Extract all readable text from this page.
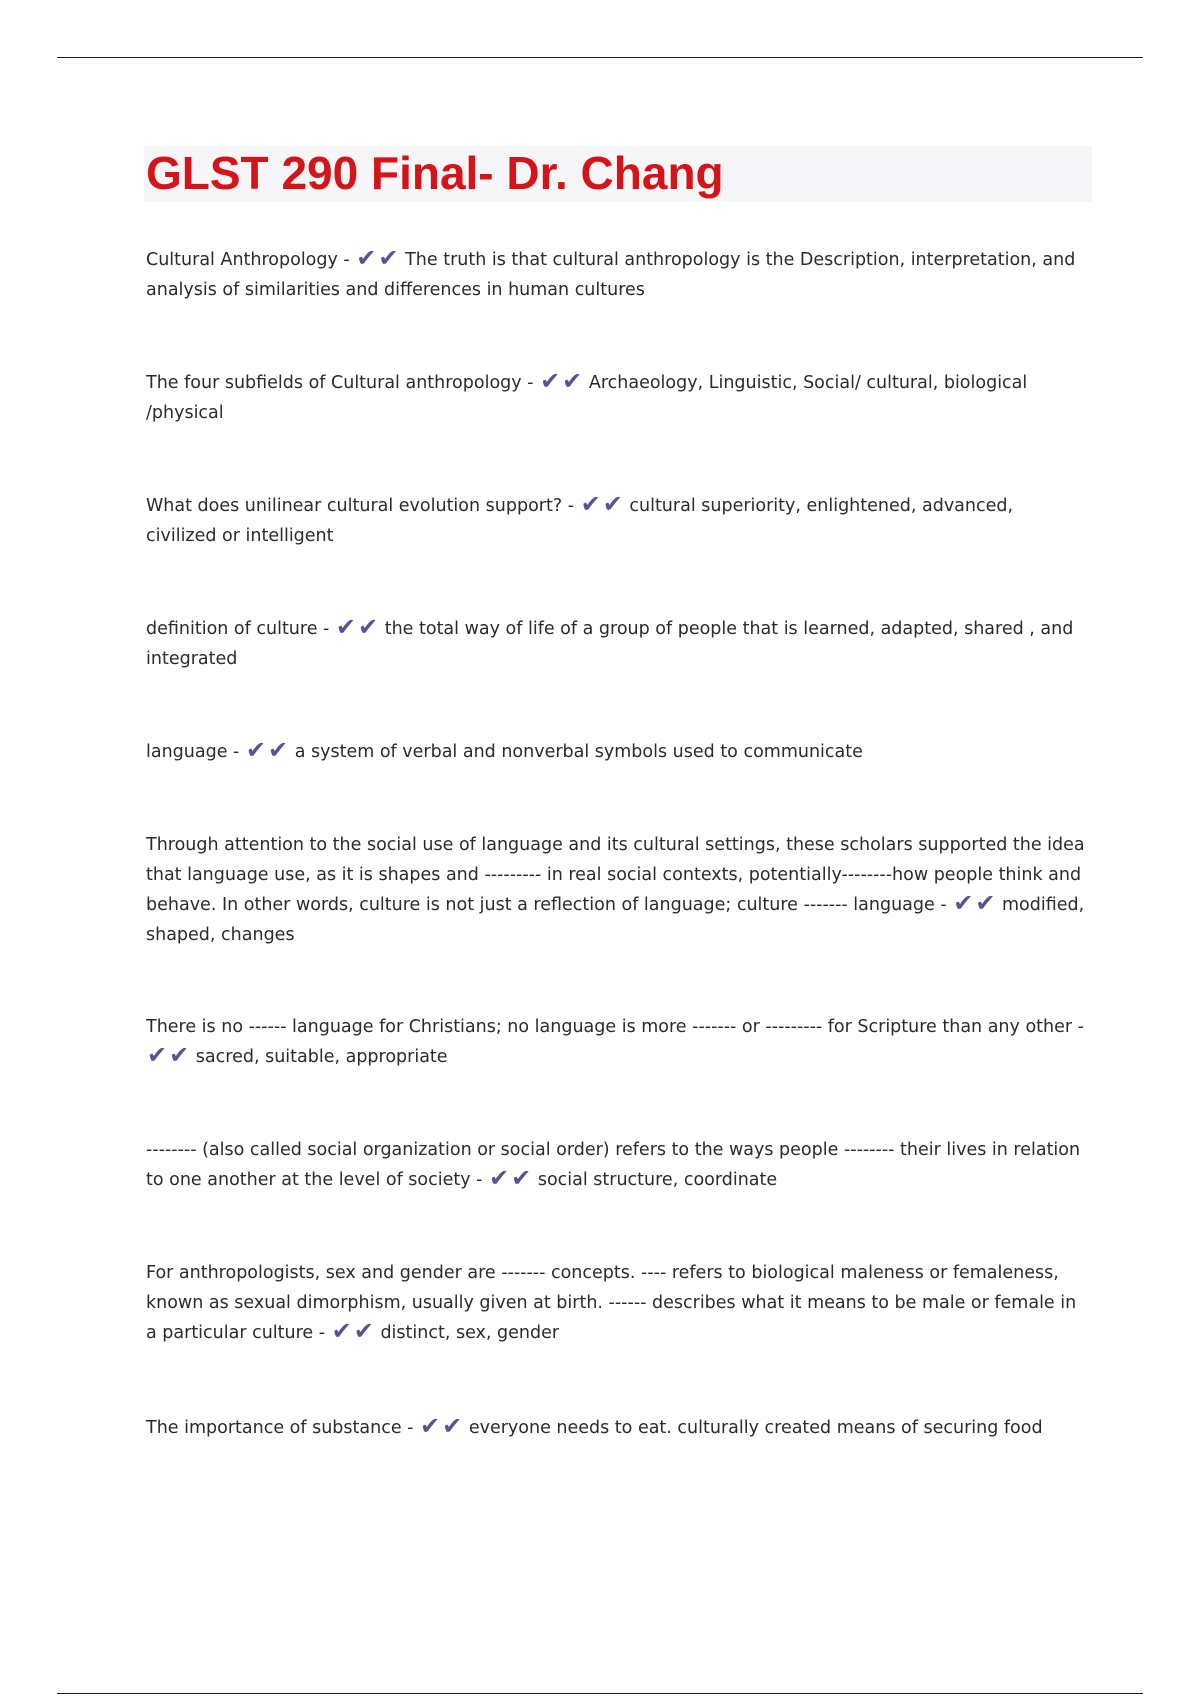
GLST 290 Final- Dr. Chang

Cultural Anthropology - ✔✔ The truth is that cultural anthropology is the Description, interpretation, and analysis of similarities and differences in human cultures

The four subfields of Cultural anthropology - ✔✔ Archaeology, Linguistic, Social/ cultural, biological /physical

What does unilinear cultural evolution support? - ✔✔ cultural superiority, enlightened, advanced, civilized or intelligent

definition of culture - ✔✔ the total way of life of a group of people that is learned, adapted, shared , and integrated

language - ✔✔ a system of verbal and nonverbal symbols used to communicate

Through attention to the social use of language and its cultural settings, these scholars supported the idea that language use, as it is shapes and --------- in real social contexts, potentially--------how people think and behave. In other words, culture is not just a reflection of language; culture ------- language - ✔✔ modified, shaped, changes

There is no ------ language for Christians; no language is more ------- or --------- for Scripture than any other - ✔✔ sacred, suitable, appropriate

-------- (also called social organization or social order) refers to the ways people -------- their lives in relation to one another at the level of society - ✔✔ social structure, coordinate

For anthropologists, sex and gender are ------- concepts. ---- refers to biological maleness or femaleness, known as sexual dimorphism, usually given at birth. ------ describes what it means to be male or female in a particular culture - ✔✔ distinct, sex, gender

The importance of substance - ✔✔ everyone needs to eat. culturally created means of securing food
